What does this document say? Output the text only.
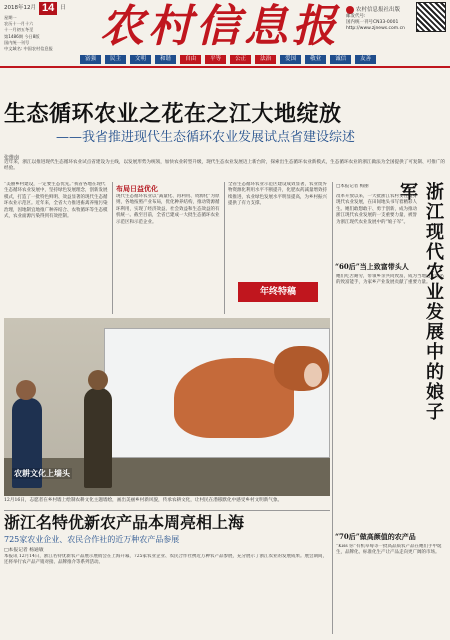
2018年12月 14	日
星期一
农历十一月十六
十一月初五冬至
第1486期 今日8版
国内统一刊号
中文域名: 中国农村信息报	农村信息报	农村信息报社出版
邮发代号:
国内统一刊号CN33-0001
http://www.zjnews.com.cn
富强	民主	文明	和谐	自由	平等	公正	法治	爱国	敬业	诚信	友善
生态循环农业之花在之江大地绽放
——我省推进现代生态循环农业发展试点省建设综述
张维南
近年来，浙江以推进现代生态循环农业试点省建设为主线，以发展形势为统领，加快农业转型升级，现代生态农业发展迈上新台阶，探索出生态循环农业新模式，生态循环农业的浙江做法为全国提供了可复制、可推广的经验。
“美丽乡村建设，一定要生态优先。”我省各地在现代生态循环农业发展中，坚持绿色发展理念，创新发展模式，打造了一批特色鲜明、效益显著的现代生态循环农业示范区。近年来，全省大力推进畜禽养殖污染治理，因地制宜地推广种养结合、农牧循环等生态模式，农业面源污染得到有效控制。
布局日益优化
现代生态循环农业以“减量化、再利用、资源化”为原则，各地按照产业布局，优化种养结构，推动资源循环利用，实现了经济效益、社会效益和生态效益的有机统一。截至目前，全省已建成一大批生态循环农业示范区和示范企业。
全省生态循环农业示范区建设成效显著，农业废弃物资源化利用水平不断提升，化肥农药减量增效持续推进，农业绿色发展水平明显提高，为乡村振兴提供了有力支撑。
年终特稿
□本报记者 梅丽
改革开放以来，一大批浙江农村女性投身现代农业发展，在田间地头书写着精彩人生。她们敢想敢干、勇于创新，成为推动浙江现代农业发展的一支重要力量，被誉为浙江现代农业发展中的“娘子军”。
“60后”当上致富带头人
她们吃苦耐劳，带领乡亲共同致富，成为当地远近闻名的致富能手，为家乡产业发展贡献了重要力量。
“70后”做高颜值的农产品
“Kiss 你”有机草莓等一批高品质农产品在她们手中诞生，品牌化、标准化生产让产品走向更广阔的市场。
浙江现代农业发展中的娘子军
农耕文化上墙头
12月16日，志愿者在乡村墙上绘制农耕文化主题墙绘，画出美丽乡村新风貌，传承农耕文化，让村民在潜移默化中感受乡村文明新气象。
浙江名特优新农产品本周亮相上海
725家农业企业、农民合作社的近万种农产品参展
□本报记者 杨通敏
本报讯 12月14日，浙江名特优新农产品展示展销会在上海开幕，725家农业企业、农民合作社携近万种农产品参展，充分展示了浙江农业的发展成果。展会期间，还将举行农产品产销对接、品牌推介等系列活动。
